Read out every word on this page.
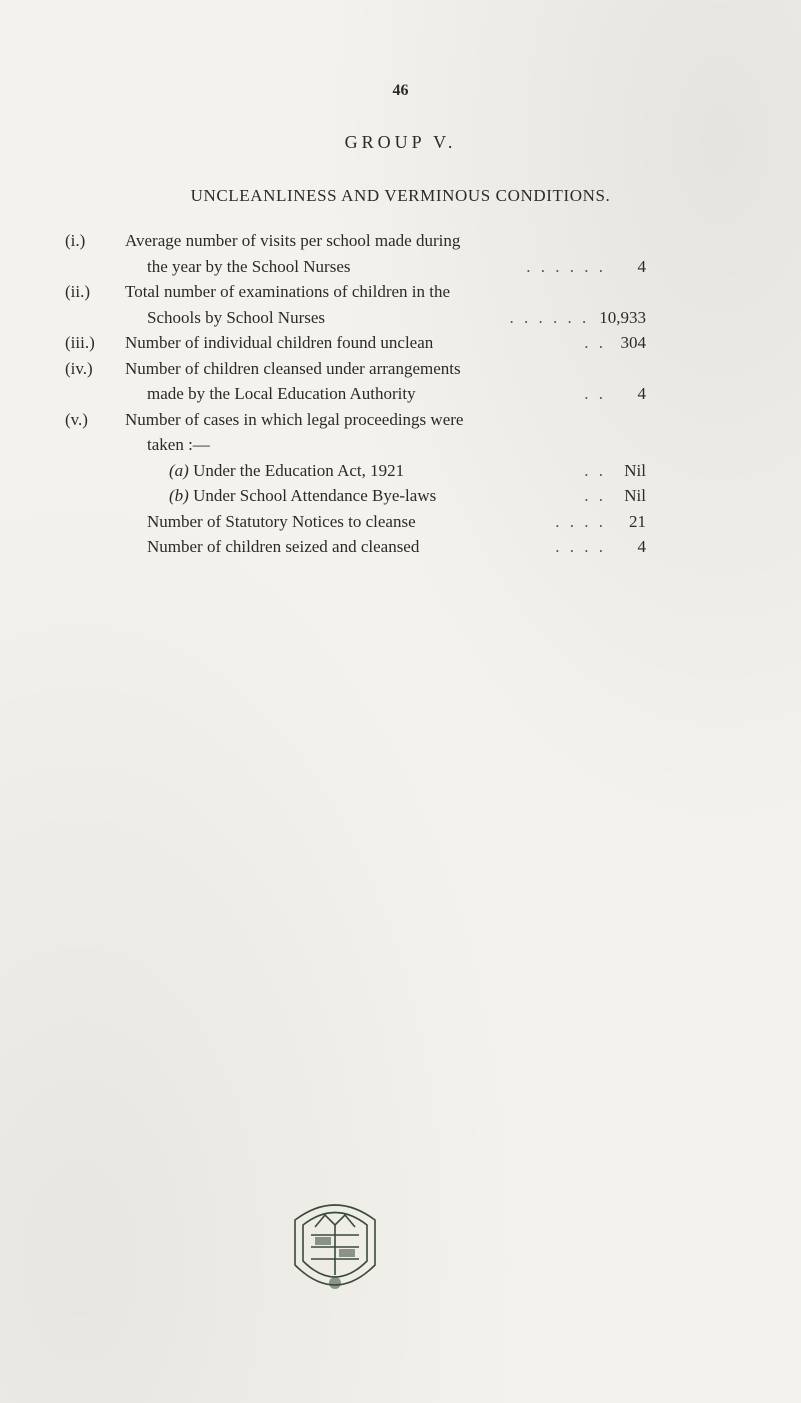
46
GROUP V.
UNCLEANLINESS AND VERMINOUS CONDITIONS.
(i.)	Average number of visits per school made during
the year by the School Nurses	. . . . . .	4
(ii.)	Total number of examinations of children in the
Schools by School Nurses	. . . . . . 10,933
(iii.)	Number of individual children found unclean	. . 304
(iv.)	Number of children cleansed under arrangements
made by the Local Education Authority	. .	4
(v.)	Number of cases in which legal proceedings were
taken :—
(a) Under the Education Act, 1921	. .	Nil
(b) Under School Attendance Bye-laws	. .	Nil
Number of Statutory Notices to cleanse	. . . .	21
Number of children seized and cleansed	. . . .	4
